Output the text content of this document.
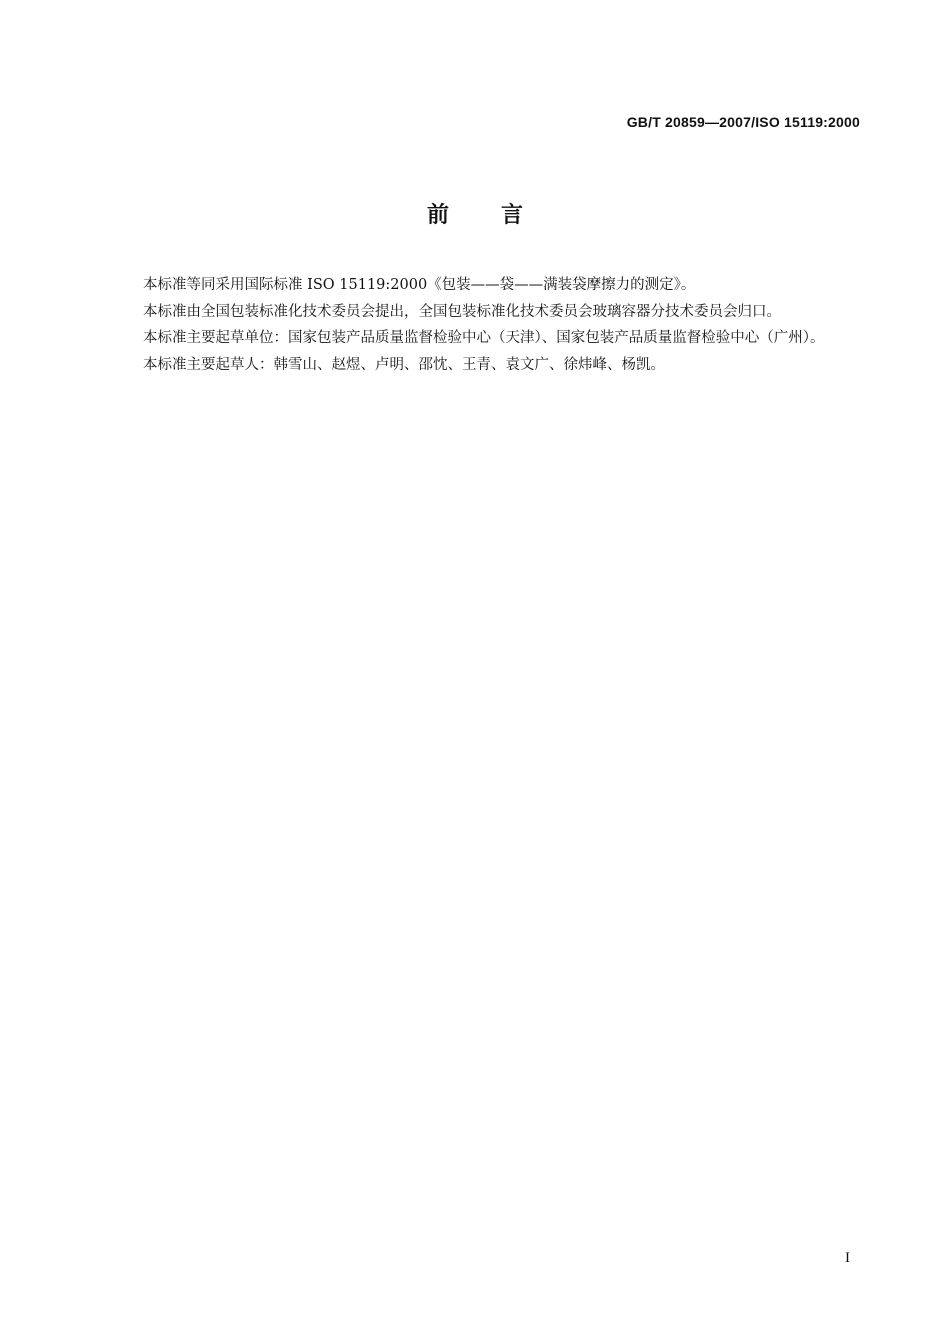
GB/T 20859—2007/ISO 15119:2000
前言

本标准等同采用国际标准 ISO 15119:2000《包装——袋——满装袋摩擦力的测定》。

本标准由全国包装标准化技术委员会提出，全国包装标准化技术委员会玻璃容器分技术委员会归口。

本标准主要起草单位：国家包装产品质量监督检验中心（天津）、国家包装产品质量监督检验中心（广州）。

本标准主要起草人：韩雪山、赵煜、卢明、邵忱、王青、袁文广、徐炜峰、杨凯。

I
